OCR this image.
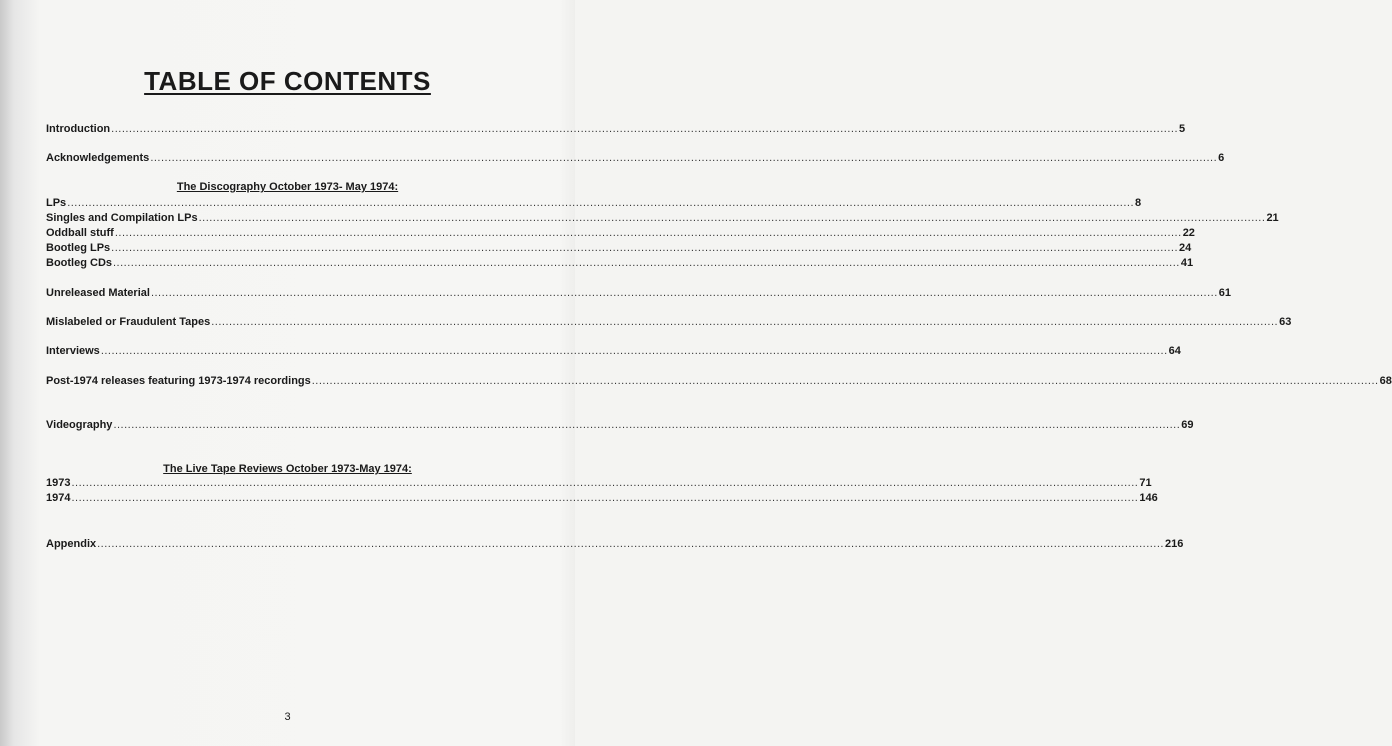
TABLE OF CONTENTS
Introduction ............................................................................................................................................................................................................................................................................................................ 5
Acknowledgements ............................................................................................................................................................................................................................................................................................................ 6
The Discography October 1973- May 1974:
LPs ............................................................................................................................................................................................................................................................................................................ 8
Singles and Compilation LPs ............................................................................................................................................................................................................................................................................................................ 21
Oddball stuff ............................................................................................................................................................................................................................................................................................................ 22
Bootleg LPs ............................................................................................................................................................................................................................................................................................................ 24
Bootleg CDs ............................................................................................................................................................................................................................................................................................................ 41
Unreleased Material ............................................................................................................................................................................................................................................................................................................ 61
Mislabeled or Fraudulent Tapes ............................................................................................................................................................................................................................................................................................................ 63
Interviews ............................................................................................................................................................................................................................................................................................................ 64
Post-1974 releases featuring 1973-1974 recordings ............................................................................................................................................................................................................................................................................................................ 68
Videography ............................................................................................................................................................................................................................................................................................................ 69
The Live Tape Reviews October 1973-May 1974:
1973 ............................................................................................................................................................................................................................................................................................................ 71
1974 ............................................................................................................................................................................................................................................................................................................ 146
Appendix ............................................................................................................................................................................................................................................................................................................ 216
3
